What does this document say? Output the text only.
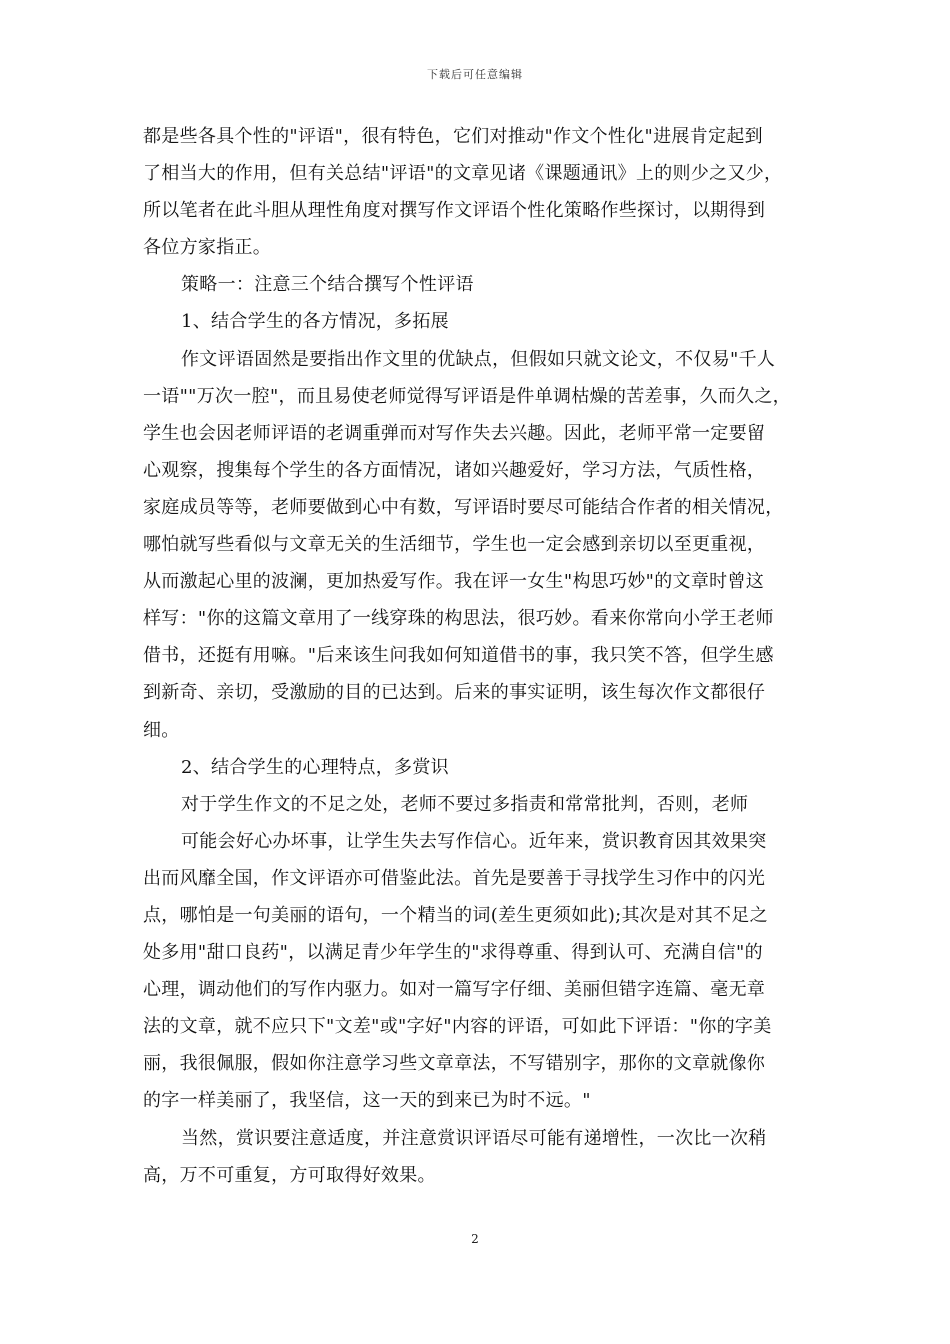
下载后可任意编辑
都是些各具个性的"评语"，很有特色，它们对推动"作文个性化"进展肯定起到
了相当大的作用，但有关总结"评语"的文章见诸《课题通讯》上的则少之又少，
所以笔者在此斗胆从理性角度对撰写作文评语个性化策略作些探讨，以期得到
各位方家指正。
策略一：注意三个结合撰写个性评语
1、结合学生的各方情况，多拓展
作文评语固然是要指出作文里的优缺点，但假如只就文论文，不仅易"千人
一语""万次一腔"，而且易使老师觉得写评语是件单调枯燥的苦差事，久而久之，
学生也会因老师评语的老调重弹而对写作失去兴趣。因此，老师平常一定要留
心观察，搜集每个学生的各方面情况，诸如兴趣爱好，学习方法，气质性格，
家庭成员等等，老师要做到心中有数，写评语时要尽可能结合作者的相关情况，
哪怕就写些看似与文章无关的生活细节，学生也一定会感到亲切以至更重视，
从而激起心里的波澜，更加热爱写作。我在评一女生"构思巧妙"的文章时曾这
样写："你的这篇文章用了一线穿珠的构思法，很巧妙。看来你常向小学王老师
借书，还挺有用嘛。"后来该生问我如何知道借书的事，我只笑不答，但学生感
到新奇、亲切，受激励的目的已达到。后来的事实证明，该生每次作文都很仔
细。
2、结合学生的心理特点，多赏识
对于学生作文的不足之处，老师不要过多指责和常常批判，否则，老师
可能会好心办坏事，让学生失去写作信心。近年来，赏识教育因其效果突
出而风靡全国，作文评语亦可借鉴此法。首先是要善于寻找学生习作中的闪光
点，哪怕是一句美丽的语句，一个精当的词(差生更须如此);其次是对其不足之
处多用"甜口良药"，以满足青少年学生的"求得尊重、得到认可、充满自信"的
心理，调动他们的写作内驱力。如对一篇写字仔细、美丽但错字连篇、毫无章
法的文章，就不应只下"文差"或"字好"内容的评语，可如此下评语："你的字美
丽，我很佩服，假如你注意学习些文章章法，不写错别字，那你的文章就像你
的字一样美丽了，我坚信，这一天的到来已为时不远。"
当然，赏识要注意适度，并注意赏识评语尽可能有递增性，一次比一次稍
高，万不可重复，方可取得好效果。
2
